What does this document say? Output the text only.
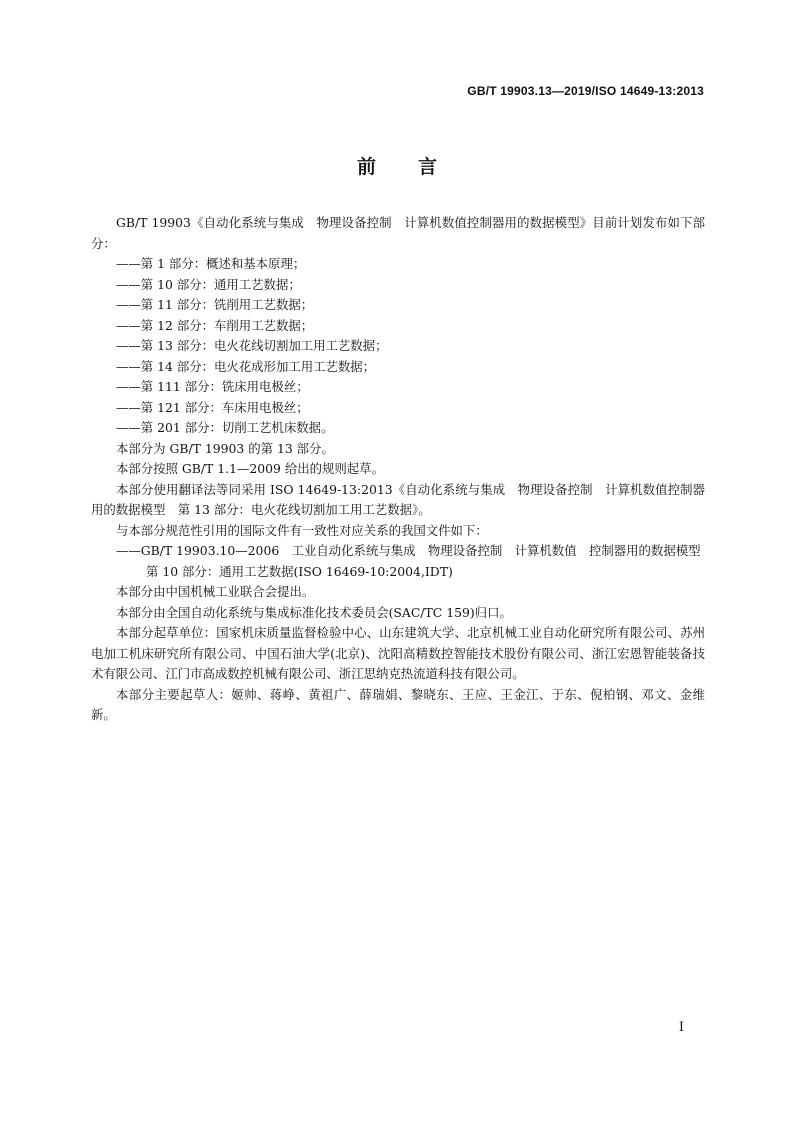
GB/T 19903.13—2019/ISO 14649-13:2013
前 言

GB/T 19903《自动化系统与集成　物理设备控制　计算机数值控制器用的数据模型》目前计划发布如下部分：

——第 1 部分：概述和基本原理；

——第 10 部分：通用工艺数据；

——第 11 部分：铣削用工艺数据；

——第 12 部分：车削用工艺数据；

——第 13 部分：电火花线切割加工用工艺数据；

——第 14 部分：电火花成形加工用工艺数据；

——第 111 部分：铣床用电极丝；

——第 121 部分：车床用电极丝；

——第 201 部分：切削工艺机床数据。

本部分为 GB/T 19903 的第 13 部分。

本部分按照 GB/T 1.1—2009 给出的规则起草。

本部分使用翻译法等同采用 ISO 14649-13:2013《自动化系统与集成　物理设备控制　计算机数值控制器用的数据模型　第 13 部分：电火花线切割加工用工艺数据》。

与本部分规范性引用的国际文件有一致性对应关系的我国文件如下：

——GB/T 19903.10—2006　工业自动化系统与集成　物理设备控制　计算机数值　控制器用的数据模型　第 10 部分：通用工艺数据(ISO 16469-10:2004,IDT)

本部分由中国机械工业联合会提出。

本部分由全国自动化系统与集成标准化技术委员会(SAC/TC 159)归口。

本部分起草单位：国家机床质量监督检验中心、山东建筑大学、北京机械工业自动化研究所有限公司、苏州电加工机床研究所有限公司、中国石油大学(北京)、沈阳高精数控智能技术股份有限公司、浙江宏恩智能装备技术有限公司、江门市高成数控机械有限公司、浙江思纳克热流道科技有限公司。

本部分主要起草人：姬帅、蒋峥、黄祖广、薛瑞娟、黎晓东、王应、王金江、于东、倪柏钢、邓文、金维新。

I
